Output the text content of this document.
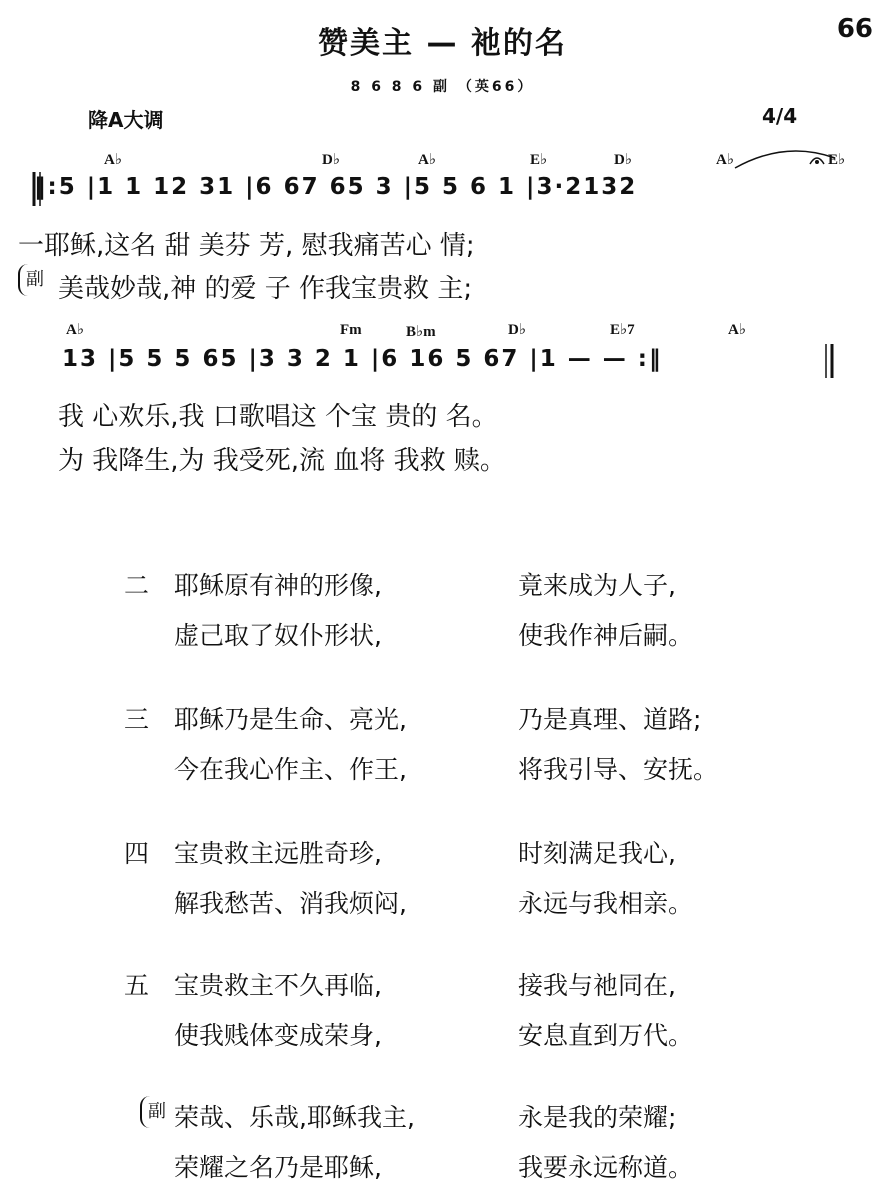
赞美主 — 祂的名	66
8 6 8 6 副 （英66）
降A大调	4/4
A♭	D♭	A♭	E♭	D♭	A♭	E♭
‖:5 |1 1 12 31 |6 67 65 3 |5 5 6 1 |3·2132
一耶稣,这名 甜 美芬 芳, 慰我痛苦心 情;
副 美哉妙哉,神 的爱 子 作我宝贵救 主;
A♭	Fm	B♭m	D♭	E♭7	A♭
13 |5 5 5 65 |3 3 2 1 |6 16 5 67 |1 — — :‖
我 心欢乐,我 口歌唱这 个宝 贵的 名。
为 我降生,为 我受死,流 血将 我救 赎。
二 耶稣原有神的形像,	竟来成为人子,
虚己取了奴仆形状,	使我作神后嗣。
三 耶稣乃是生命、亮光,	乃是真理、道路;
今在我心作主、作王,	将我引导、安抚。
四 宝贵救主远胜奇珍,	时刻满足我心,
解我愁苦、消我烦闷,	永远与我相亲。
五 宝贵救主不久再临,	接我与祂同在,
使我贱体变成荣身,	安息直到万代。
副 荣哉、乐哉,耶稣我主,	永是我的荣耀;
荣耀之名乃是耶稣,	我要永远称道。
